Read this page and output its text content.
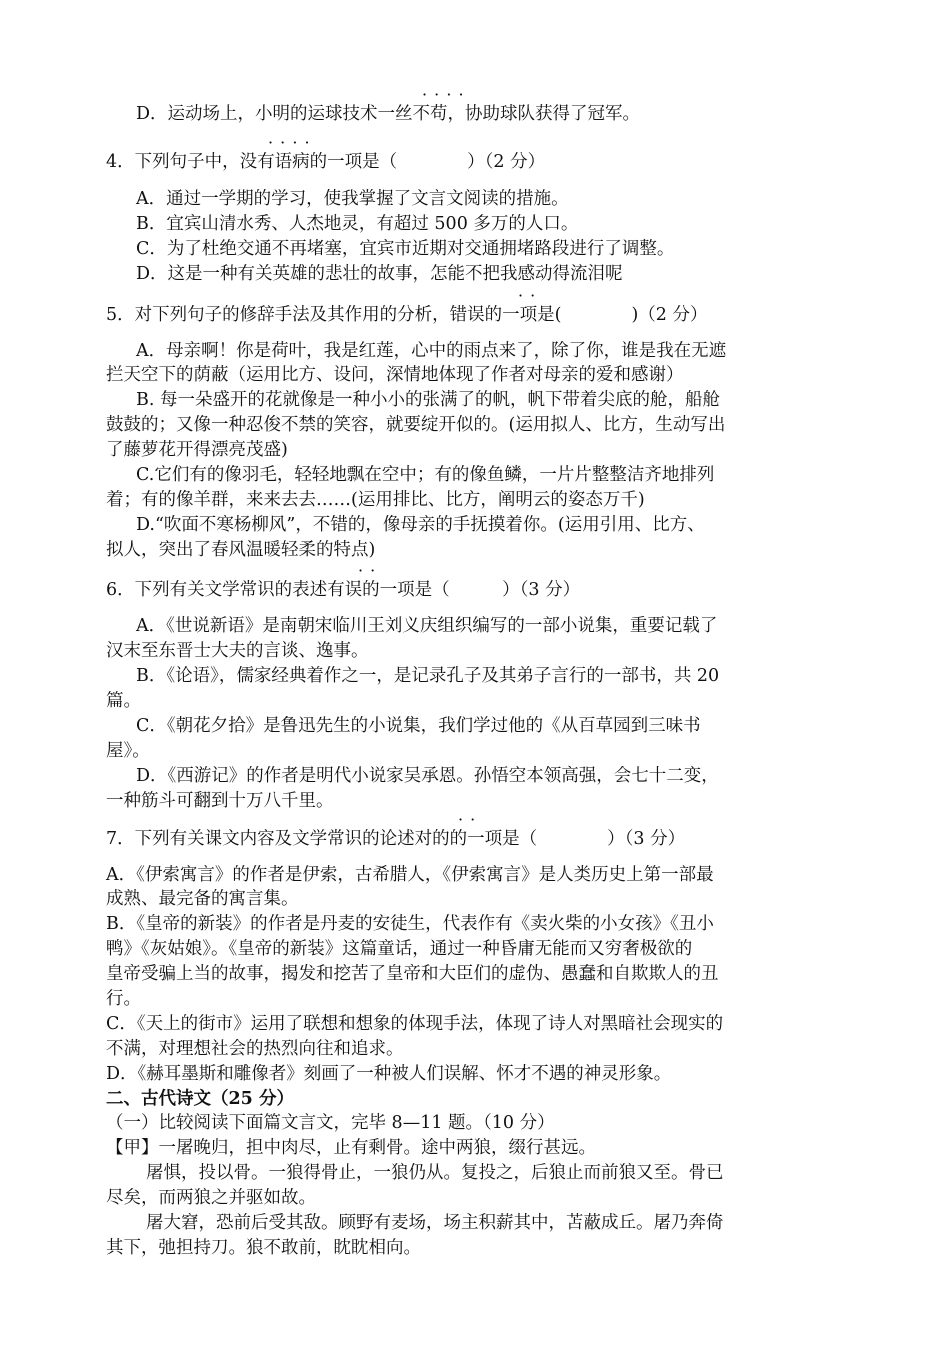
D．运动场上，小明的运球技术一丝不苟，协助球队获得了冠军。
· ·
4．下列句子中，没有语病的一项是（　　　　）（2 分）
· ·
A．通过一学期的学习，使我掌握了文言文阅读的措施。
B．宜宾山清水秀、人杰地灵，有超过 500 多万的人口。
C．为了杜绝交通不再堵塞，宜宾市近期对交通拥堵路段进行了调整。
D．这是一种有关英雄的悲壮的故事，怎能不把我感动得流泪呢
5．对下列句子的修辞手法及其作用的分析，错误的一项是(　　　　)（2 分）
· ·
A．母亲啊！你是荷叶，我是红莲，心中的雨点来了，除了你，谁是我在无遮
拦天空下的荫蔽（运用比方、设问，深情地体现了作者对母亲的爱和感谢）
B. 每一朵盛开的花就像是一种小小的张满了的帆，帆下带着尖底的舱，船舱
鼓鼓的；又像一种忍俊不禁的笑容，就要绽开似的。(运用拟人、比方，生动写出
了藤萝花开得漂亮茂盛)
C.它们有的像羽毛，轻轻地飘在空中；有的像鱼鳞，一片片整整洁齐地排列
着；有的像羊群，来来去去……(运用排比、比方，阐明云的姿态万千)
D.“吹面不寒杨柳风”，不错的，像母亲的手抚摸着你。(运用引用、比方、
拟人，突出了春风温暖轻柔的特点)
6．下列有关文学常识的表述有误的一项是（　　　）（3 分）
· ·
A．《世说新语》是南朝宋临川王刘义庆组织编写的一部小说集，重要记载了
汉末至东晋士大夫的言谈、逸事。
B．《论语》，儒家经典着作之一，是记录孔子及其弟子言行的一部书，共 20
篇。
C．《朝花夕拾》是鲁迅先生的小说集，我们学过他的《从百草园到三味书
屋》。
D．《西游记》的作者是明代小说家吴承恩。孙悟空本领高强，会七十二变，
一种筋斗可翻到十万八千里。
7．下列有关课文内容及文学常识的论述对的的一项是（　　　　）（3 分）
· ·
A．《伊索寓言》的作者是伊索，古希腊人，《伊索寓言》是人类历史上第一部最
成熟、最完备的寓言集。
B．《皇帝的新装》的作者是丹麦的安徒生，代表作有《卖火柴的小女孩》《丑小
鸭》《灰姑娘》。《皇帝的新装》这篇童话，通过一种昏庸无能而又穷奢极欲的
皇帝受骗上当的故事，揭发和挖苦了皇帝和大臣们的虚伪、愚蠢和自欺欺人的丑
行。
C．《天上的街市》运用了联想和想象的体现手法，体现了诗人对黑暗社会现实的
不满，对理想社会的热烈向往和追求。
D．《赫耳墨斯和雕像者》刻画了一种被人们误解、怀才不遇的神灵形象。
二、古代诗文（25 分）
（一）比较阅读下面篇文言文，完毕 8—11 题。（10 分）
【甲】一屠晚归，担中肉尽，止有剩骨。途中两狼，缀行甚远。
屠惧，投以骨。一狼得骨止，一狼仍从。复投之，后狼止而前狼又至。骨已
尽矣，而两狼之并驱如故。
屠大窘，恐前后受其敌。顾野有麦场，场主积薪其中，苫蔽成丘。屠乃奔倚
其下，弛担持刀。狼不敢前，眈眈相向。
